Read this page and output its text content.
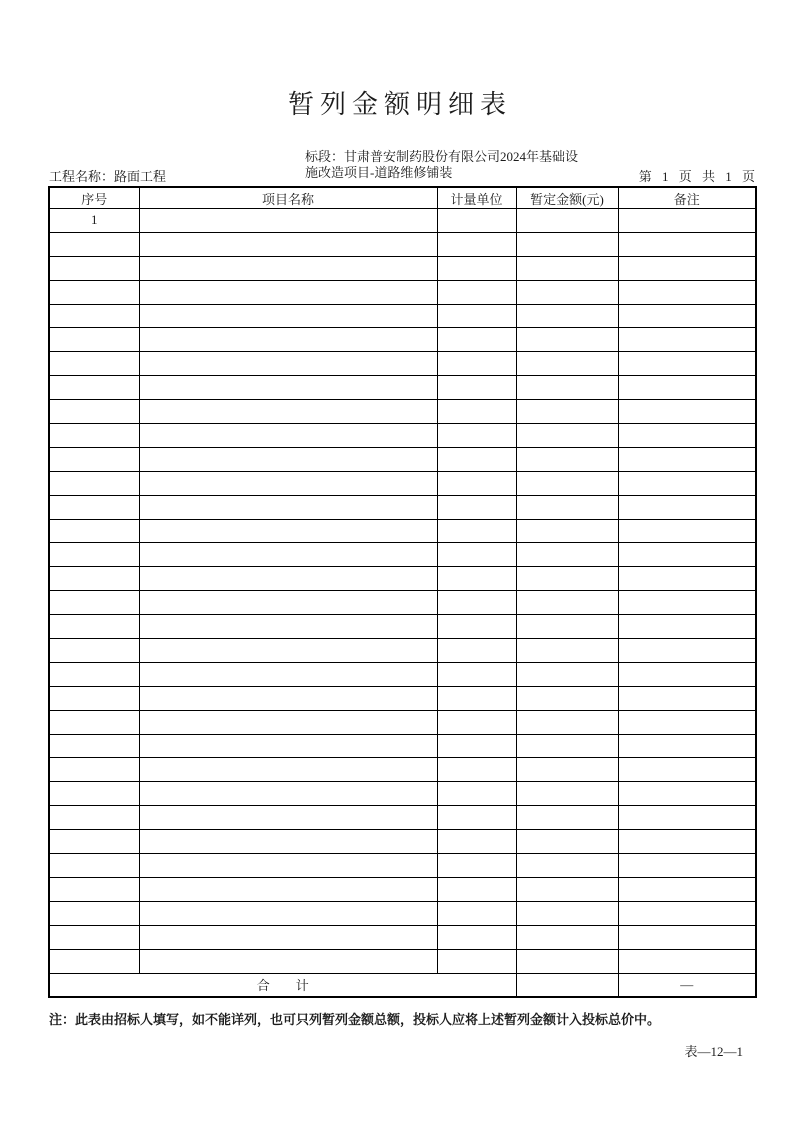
暂列金额明细表
工程名称：路面工程
标段：甘肃普安制药股份有限公司2024年基础设
施改造项目-道路维修铺装	第 1 页 共 1 页
序号	项目名称	计量单位	暂定金额(元)	备注
1				

合　　计				—
注：此表由招标人填写，如不能详列，也可只列暂列金额总额，投标人应将上述暂列金额计入投标总价中。
表—12—1
